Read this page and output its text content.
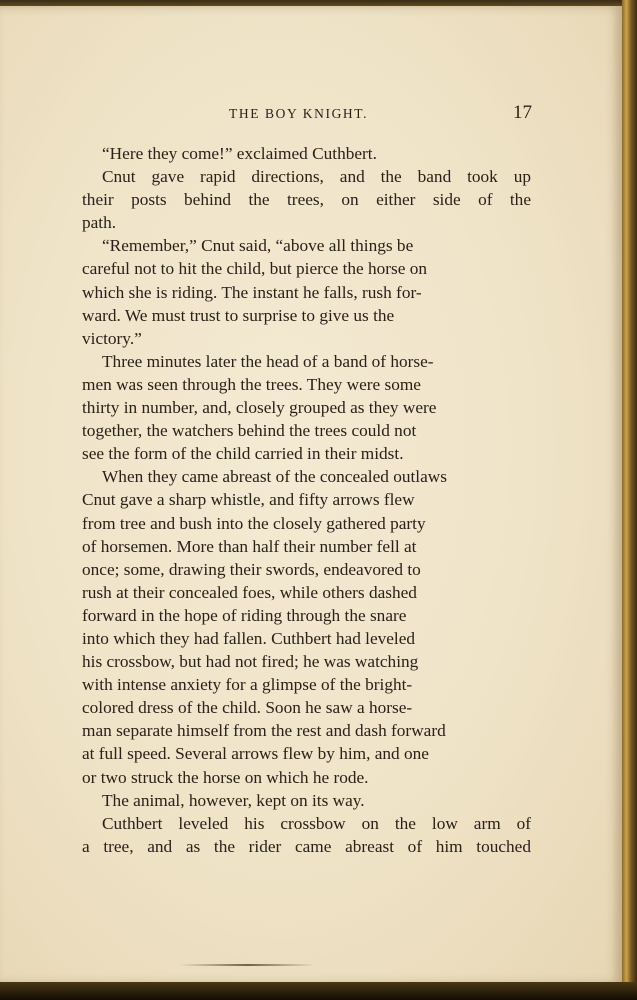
THE BOY KNIGHT.	17

“Here they come!” exclaimed Cuthbert.

Cnut gave rapid directions, and the band took up
their posts behind the trees, on either side of the
path.

“Remember,” Cnut said, “above all things be
careful not to hit the child, but pierce the horse on
which she is riding. The instant he falls, rush for-
ward. We must trust to surprise to give us the
victory.”

Three minutes later the head of a band of horse-
men was seen through the trees. They were some
thirty in number, and, closely grouped as they were
together, the watchers behind the trees could not
see the form of the child carried in their midst.

When they came abreast of the concealed outlaws
Cnut gave a sharp whistle, and fifty arrows flew
from tree and bush into the closely gathered party
of horsemen. More than half their number fell at
once; some, drawing their swords, endeavored to
rush at their concealed foes, while others dashed
forward in the hope of riding through the snare
into which they had fallen. Cuthbert had leveled
his crossbow, but had not fired; he was watching
with intense anxiety for a glimpse of the bright-
colored dress of the child. Soon he saw a horse-
man separate himself from the rest and dash forward
at full speed. Several arrows flew by him, and one
or two struck the horse on which he rode.

The animal, however, kept on its way.

Cuthbert leveled his crossbow on the low arm of
a tree, and as the rider came abreast of him touched
